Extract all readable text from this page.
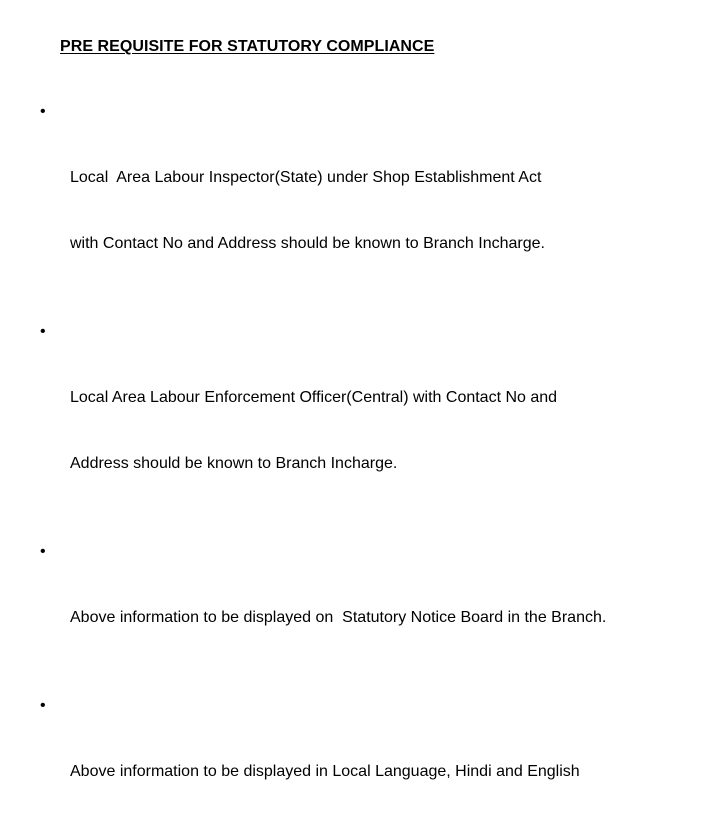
PRE REQUISITE FOR STATUTORY COMPLIANCE

•

Local  Area Labour Inspector(State) under Shop Establishment Act

with Contact No and Address should be known to Branch Incharge.

•

Local Area Labour Enforcement Officer(Central) with Contact No and

Address should be known to Branch Incharge.

•

Above information to be displayed on  Statutory Notice Board in the Branch.

•

Above information to be displayed in Local Language, Hindi and English
